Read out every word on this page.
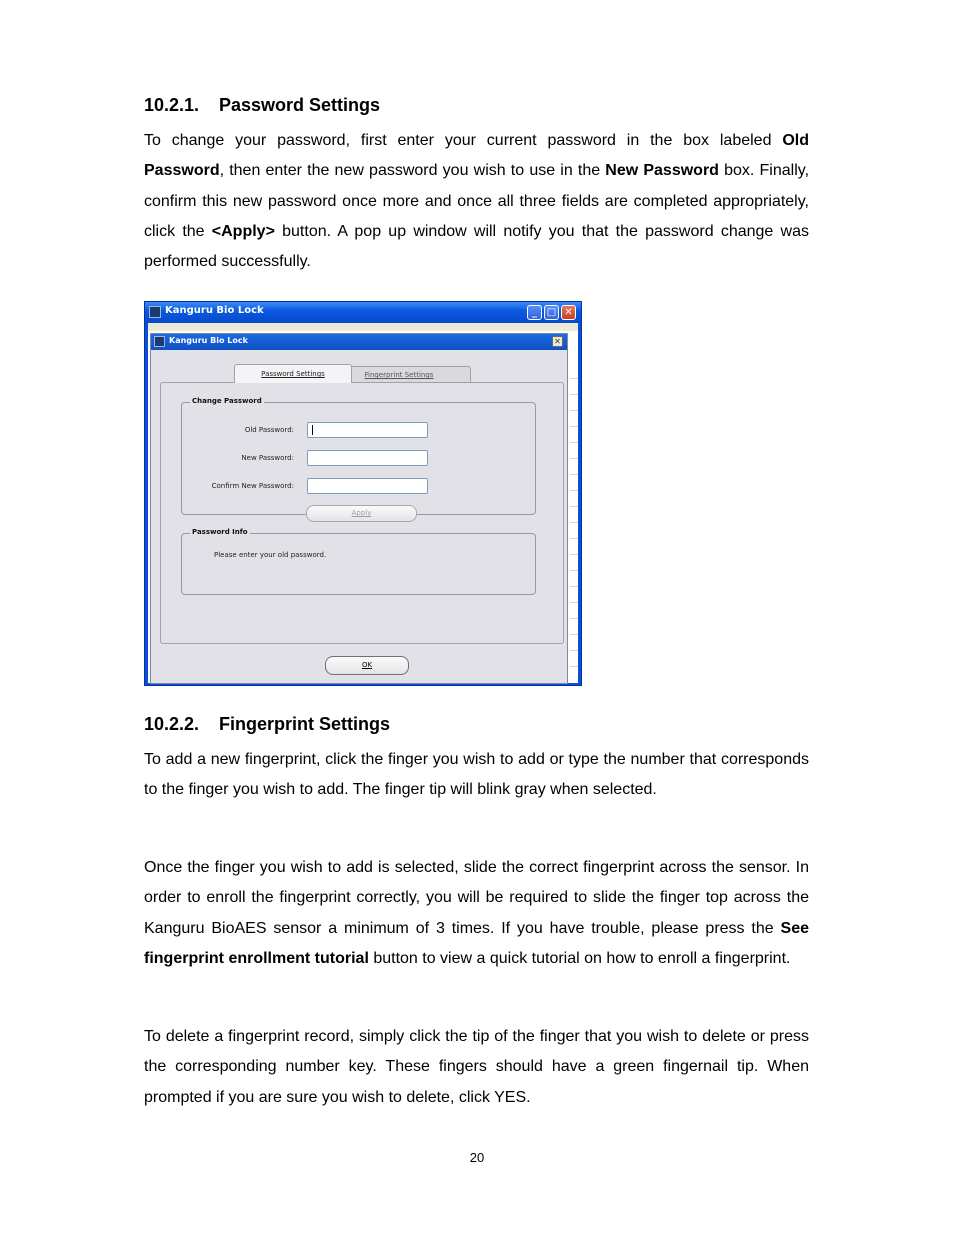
10.2.1. Password Settings

To change your password, first enter your current password in the box labeled Old Password, then enter the new password you wish to use in the New Password box. Finally, confirm this new password once more and once all three fields are completed appropriately, click the <Apply> button. A pop up window will notify you that the password change was performed successfully.

Kanguru Bio Lock	_ □ ✕
Kanguru Bio Lock	✕
Password Settings	Fingerprint Settings
Change Password
Old Password:
New Password:
Confirm New Password:
Apply
Password Info
Please enter your old password.
OK
10.2.2. Fingerprint Settings

To add a new fingerprint, click the finger you wish to add or type the number that corresponds to the finger you wish to add. The finger tip will blink gray when selected.

Once the finger you wish to add is selected, slide the correct fingerprint across the sensor. In order to enroll the fingerprint correctly, you will be required to slide the finger top across the Kanguru BioAES sensor a minimum of 3 times. If you have trouble, please press the See fingerprint enrollment tutorial button to view a quick tutorial on how to enroll a fingerprint.

To delete a fingerprint record, simply click the tip of the finger that you wish to delete or press the corresponding number key. These fingers should have a green fingernail tip. When prompted if you are sure you wish to delete, click YES.

20
